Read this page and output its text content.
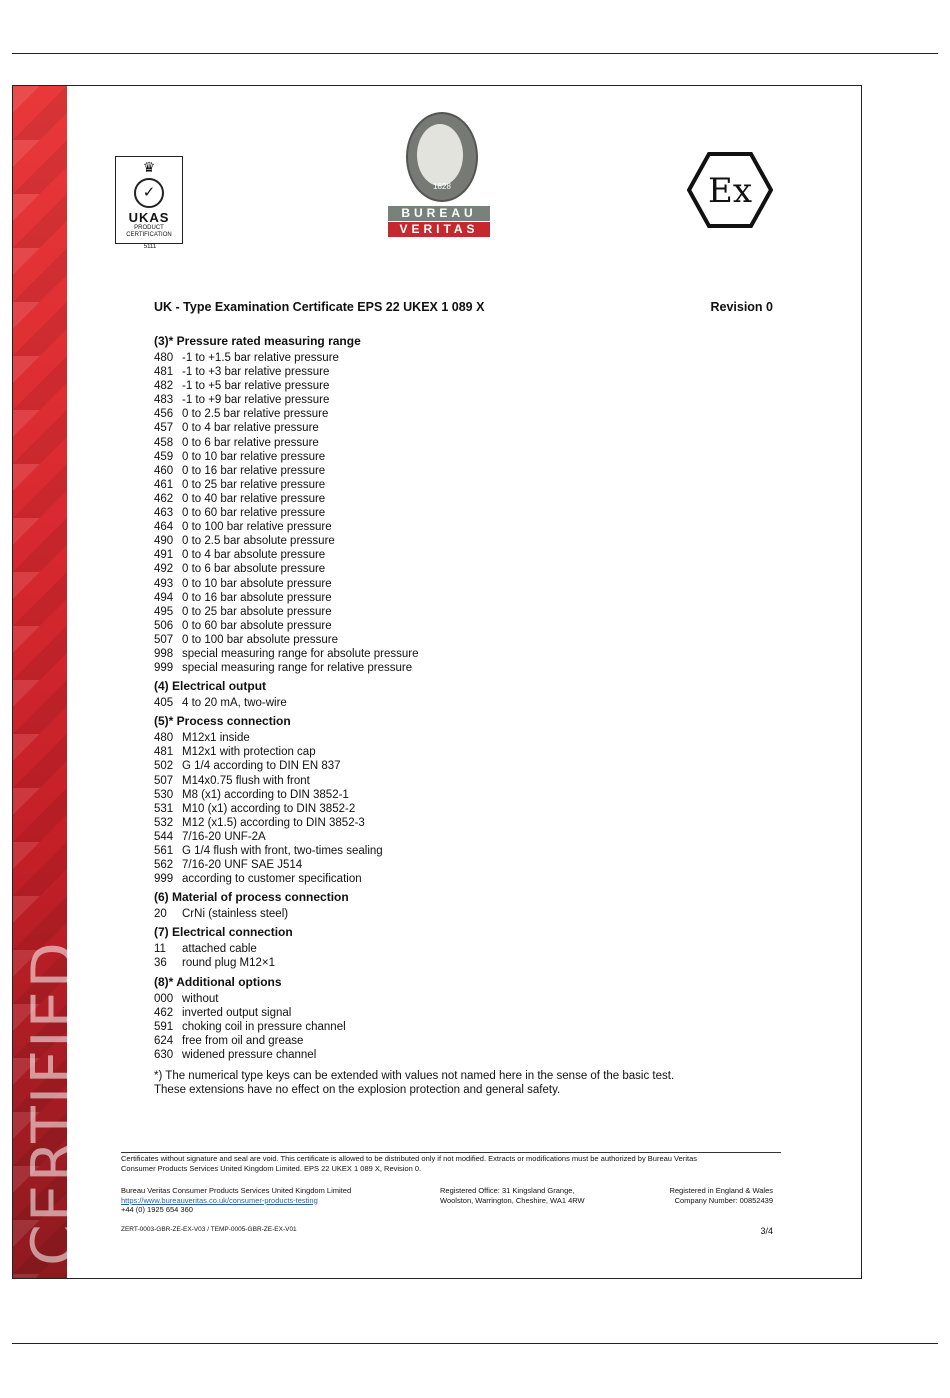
CERTIFIED
♛
✓
UKAS
PRODUCT
CERTIFICATION
5111
1828
BUREAU
VERITAS
Ex
UK - Type Examination Certificate EPS 22 UKEX 1 089 X	Revision 0
(3)* Pressure rated measuring range
480 -1 to +1.5 bar relative pressure
481 -1 to +3 bar relative pressure
482 -1 to +5 bar relative pressure
483 -1 to +9 bar relative pressure
456 0 to 2.5 bar relative pressure
457 0 to 4 bar relative pressure
458 0 to 6 bar relative pressure
459 0 to 10 bar relative pressure
460 0 to 16 bar relative pressure
461 0 to 25 bar relative pressure
462 0 to 40 bar relative pressure
463 0 to 60 bar relative pressure
464 0 to 100 bar relative pressure
490 0 to 2.5 bar absolute pressure
491 0 to 4 bar absolute pressure
492 0 to 6 bar absolute pressure
493 0 to 10 bar absolute pressure
494 0 to 16 bar absolute pressure
495 0 to 25 bar absolute pressure
506 0 to 60 bar absolute pressure
507 0 to 100 bar absolute pressure
998 special measuring range for absolute pressure
999 special measuring range for relative pressure
(4) Electrical output
405 4 to 20 mA, two-wire
(5)* Process connection
480 M12x1 inside
481 M12x1 with protection cap
502 G 1/4 according to DIN EN 837
507 M14x0.75 flush with front
530 M8 (x1) according to DIN 3852-1
531 M10 (x1) according to DIN 3852-2
532 M12 (x1.5) according to DIN 3852-3
544 7/16-20 UNF-2A
561 G 1/4 flush with front, two-times sealing
562 7/16-20 UNF SAE J514
999 according to customer specification
(6) Material of process connection
20 CrNi (stainless steel)
(7) Electrical connection
11 attached cable
36 round plug M12×1
(8)* Additional options
000 without
462 inverted output signal
591 choking coil in pressure channel
624 free from oil and grease
630 widened pressure channel
*) The numerical type keys can be extended with values not named here in the sense of the basic test.
These extensions have no effect on the explosion protection and general safety.
Certificates without signature and seal are void. This certificate is allowed to be distributed only if not modified. Extracts or modifications must be authorized by Bureau Veritas
Consumer Products Services United Kingdom Limited. EPS 22 UKEX 1 089 X, Revision 0.
Bureau Veritas Consumer Products Services United Kingdom Limited
https://www.bureauveritas.co.uk/consumer-products-testing
+44 (0) 1925 654 360
Registered Office: 31 Kingsland Grange,
Woolston, Warrington, Cheshire, WA1 4RW
Registered in England & Wales
Company Number: 00852439
ZERT-0003-GBR-ZE-EX-V03 / TEMP-0005-GBR-ZE-EX-V01	3/4
